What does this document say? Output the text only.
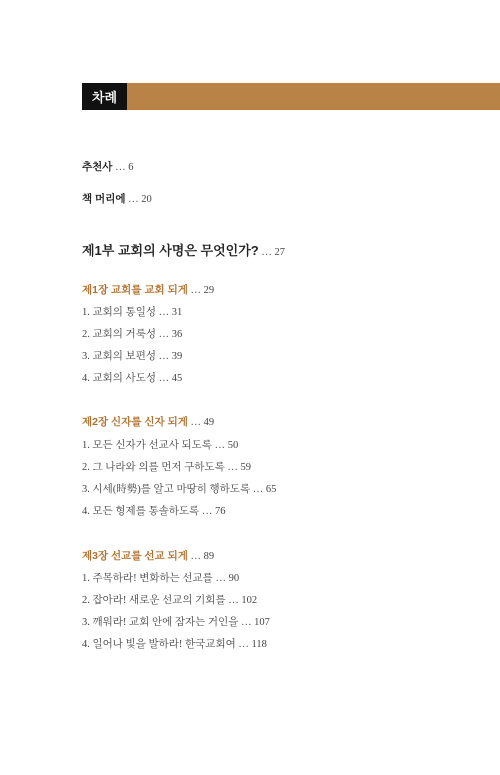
차례
추천사 … 6
책 머리에 … 20
제1부 교회의 사명은 무엇인가? … 27
제1장 교회를 교회 되게 … 29
1. 교회의 통일성 … 31
2. 교회의 거룩성 … 36
3. 교회의 보편성 … 39
4. 교회의 사도성 … 45
제2장 신자를 신자 되게 … 49
1. 모든 신자가 선교사 되도록 … 50
2. 그 나라와 의를 먼저 구하도록 … 59
3. 시세(時勢)를 알고 마땅히 행하도록 … 65
4. 모든 형제를 통솔하도록 … 76
제3장 선교를 선교 되게 … 89
1. 주목하라! 변화하는 선교를 … 90
2. 잡아라! 새로운 선교의 기회를 … 102
3. 깨워라! 교회 안에 잠자는 거인을 … 107
4. 일어나 빛을 발하라! 한국교회여 … 118
